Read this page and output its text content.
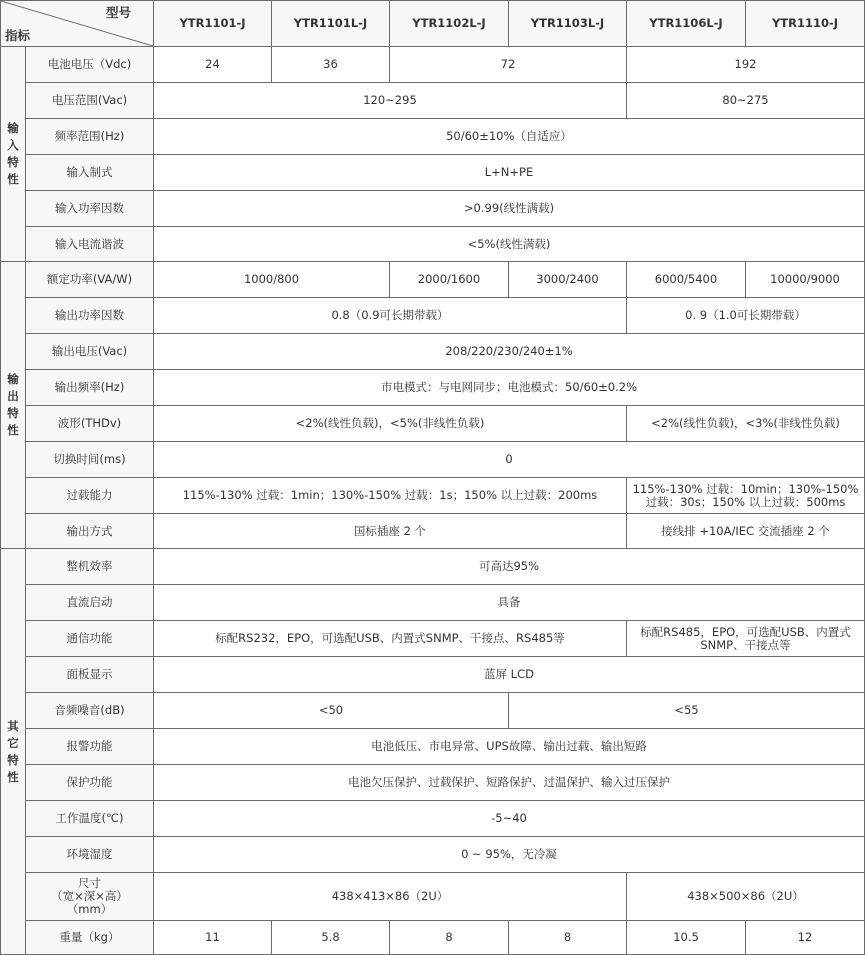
型号
指标		YTR1101-J	YTR1101L-J	YTR1102L-J	YTR1103L-J	YTR1106L-J	YTR1110-J
输入特性	电池电压（Vdc)	24	36	72		192	
	电压范围(Vac)	120~295				80~275	
	频率范围(Hz)	50/60±10%（自适应）					
	输入制式	L+N+PE					
	输入功率因数	>0.99(线性满载)					
	输入电流谐波	<5%(线性满载)					
输出特性	额定功率(VA/W)	1000/800		2000/1600	3000/2400	6000/5400	10000/9000
	输出功率因数	0.8（0.9可长期带载）				0. 9（1.0可长期带载）	
	输出电压(Vac)	208/220/230/240±1%					
	输出频率(Hz)	市电模式：与电网同步；电池模式：50/60±0.2%					
	波形(THDv)	<2%(线性负载)，<5%(非线性负载)				<2%(线性负载)，<3%(非线性负载)	
	切换时间(ms)	0					
	过载能力	115%-130% 过载：1min；130%-150% 过载：1s；150% 以上过载：200ms				115%-130% 过载：10min；130%-150% 过载：30s；150% 以上过载：500ms	
	输出方式	国标插座 2 个				接线排 +10A/IEC 交流插座 2 个	
其它特性	整机效率	可高达95%					
	直流启动	具备					
	通信功能	标配RS232，EPO，可选配USB、内置式SNMP、干接点、RS485等				标配RS485，EPO，可选配USB、内置式SNMP、干接点等	
	面板显示	蓝屏 LCD					
	音频噪音(dB)	<50			<55		
	报警功能	电池低压、市电异常、UPS故障、输出过载、输出短路					
	保护功能	电池欠压保护、过载保护、短路保护、过温保护、输入过压保护					
	工作温度(℃)	-5~40					
	环境湿度	0 ~ 95%，无冷凝					
	尺寸
（宽×深×高）
（mm）	438×413×86（2U）				438×500×86（2U）	
	重量（kg）	11	5.8	8	8	10.5	12
